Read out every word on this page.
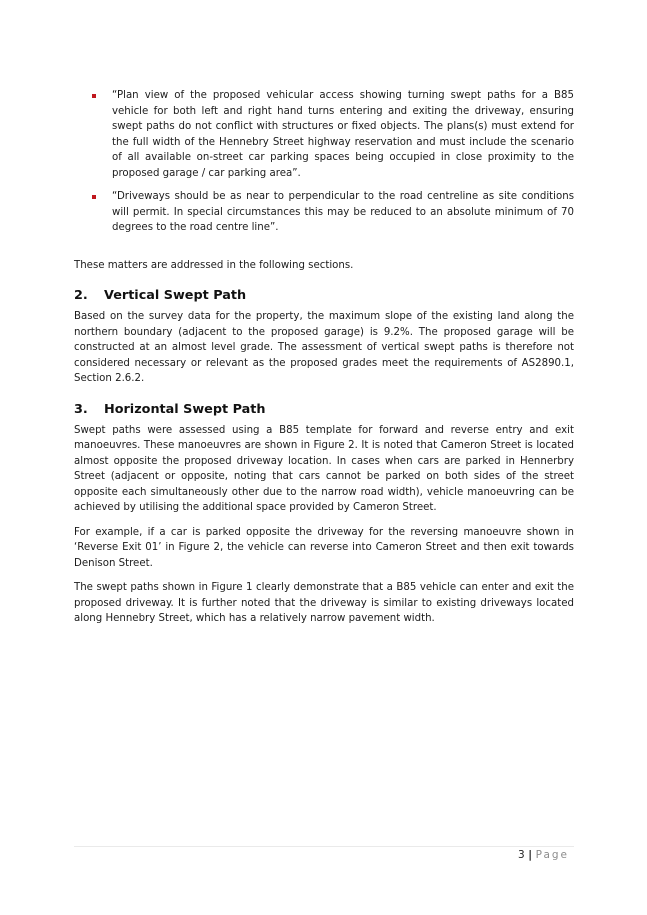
“Plan view of the proposed vehicular access showing turning swept paths for a B85 vehicle for both left and right hand turns entering and exiting the driveway, ensuring swept paths do not conflict with structures or fixed objects. The plans(s) must extend for the full width of the Hennebry Street highway reservation and must include the scenario of all available on-street car parking spaces being occupied in close proximity to the proposed garage / car parking area”.
“Driveways should be as near to perpendicular to the road centreline as site conditions will permit. In special circumstances this may be reduced to an absolute minimum of 70 degrees to the road centre line”.

These matters are addressed in the following sections.

2.	Vertical Swept Path

Based on the survey data for the property, the maximum slope of the existing land along the northern boundary (adjacent to the proposed garage) is 9.2%. The proposed garage will be constructed at an almost level grade. The assessment of vertical swept paths is therefore not considered necessary or relevant as the proposed grades meet the requirements of AS2890.1, Section 2.6.2.

3.	Horizontal Swept Path

Swept paths were assessed using a B85 template for forward and reverse entry and exit manoeuvres. These manoeuvres are shown in Figure 2. It is noted that Cameron Street is located almost opposite the proposed driveway location. In cases when cars are parked in Hennerbry Street (adjacent or opposite, noting that cars cannot be parked on both sides of the street opposite each simultaneously other due to the narrow road width), vehicle manoeuvring can be achieved by utilising the additional space provided by Cameron Street.

For example, if a car is parked opposite the driveway for the reversing manoeuvre shown in ‘Reverse Exit 01’ in Figure 2, the vehicle can reverse into Cameron Street and then exit towards Denison Street.

The swept paths shown in Figure 1 clearly demonstrate that a B85 vehicle can enter and exit the proposed driveway. It is further noted that the driveway is similar to existing driveways located along Hennebry Street, which has a relatively narrow pavement width.

3 | Page
